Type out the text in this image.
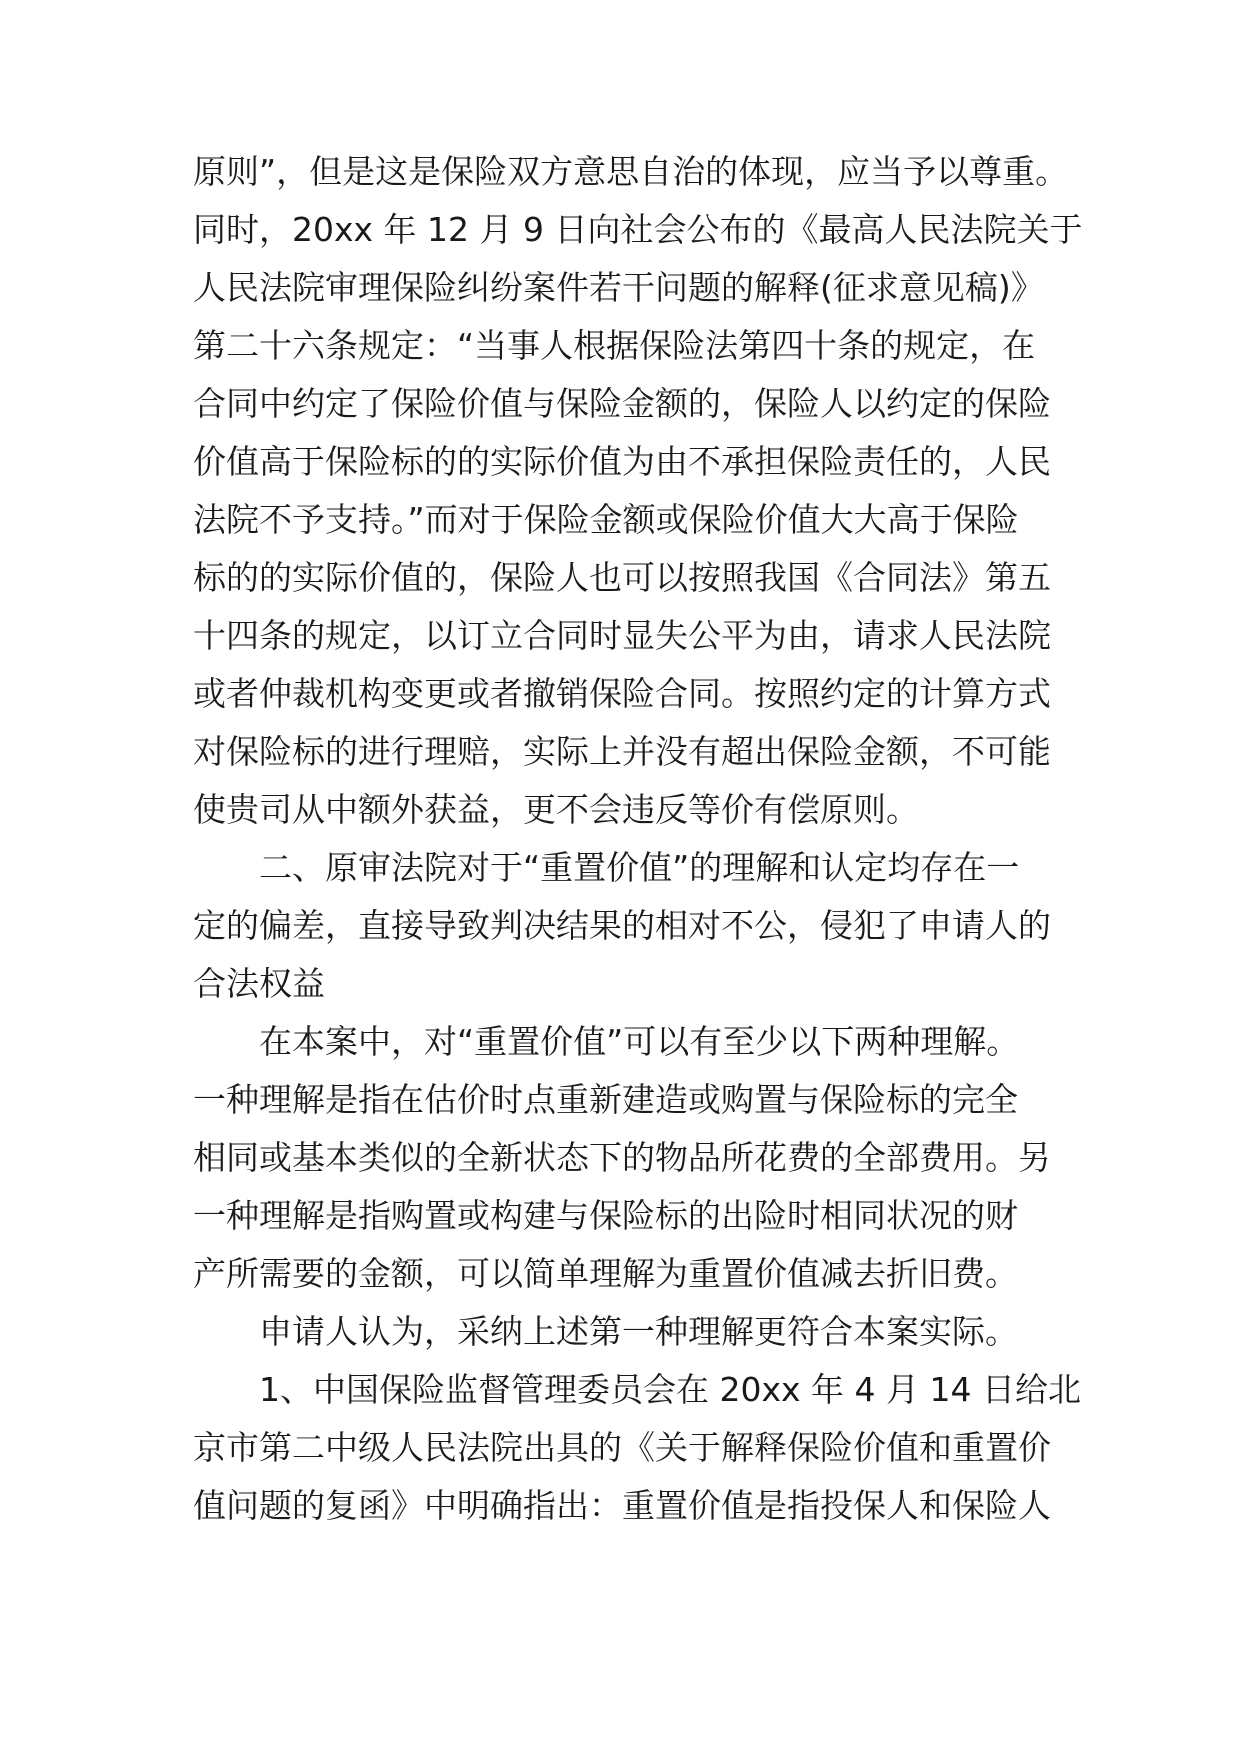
原则”，但是这是保险双方意思自治的体现，应当予以尊重。
同时，20xx 年 12 月 9 日向社会公布的《最高人民法院关于
人民法院审理保险纠纷案件若干问题的解释(征求意见稿)》
第二十六条规定：“当事人根据保险法第四十条的规定，在
合同中约定了保险价值与保险金额的，保险人以约定的保险
价值高于保险标的的实际价值为由不承担保险责任的，人民
法院不予支持。”而对于保险金额或保险价值大大高于保险
标的的实际价值的，保险人也可以按照我国《合同法》第五
十四条的规定，以订立合同时显失公平为由，请求人民法院
或者仲裁机构变更或者撤销保险合同。按照约定的计算方式
对保险标的进行理赔，实际上并没有超出保险金额，不可能
使贵司从中额外获益，更不会违反等价有偿原则。
二、原审法院对于“重置价值”的理解和认定均存在一
定的偏差，直接导致判决结果的相对不公，侵犯了申请人的
合法权益
在本案中，对“重置价值”可以有至少以下两种理解。
一种理解是指在估价时点重新建造或购置与保险标的完全
相同或基本类似的全新状态下的物品所花费的全部费用。另
一种理解是指购置或构建与保险标的出险时相同状况的财
产所需要的金额，可以简单理解为重置价值减去折旧费。
申请人认为，采纳上述第一种理解更符合本案实际。
1、中国保险监督管理委员会在 20xx 年 4 月 14 日给北
京市第二中级人民法院出具的《关于解释保险价值和重置价
值问题的复函》中明确指出：重置价值是指投保人和保险人
